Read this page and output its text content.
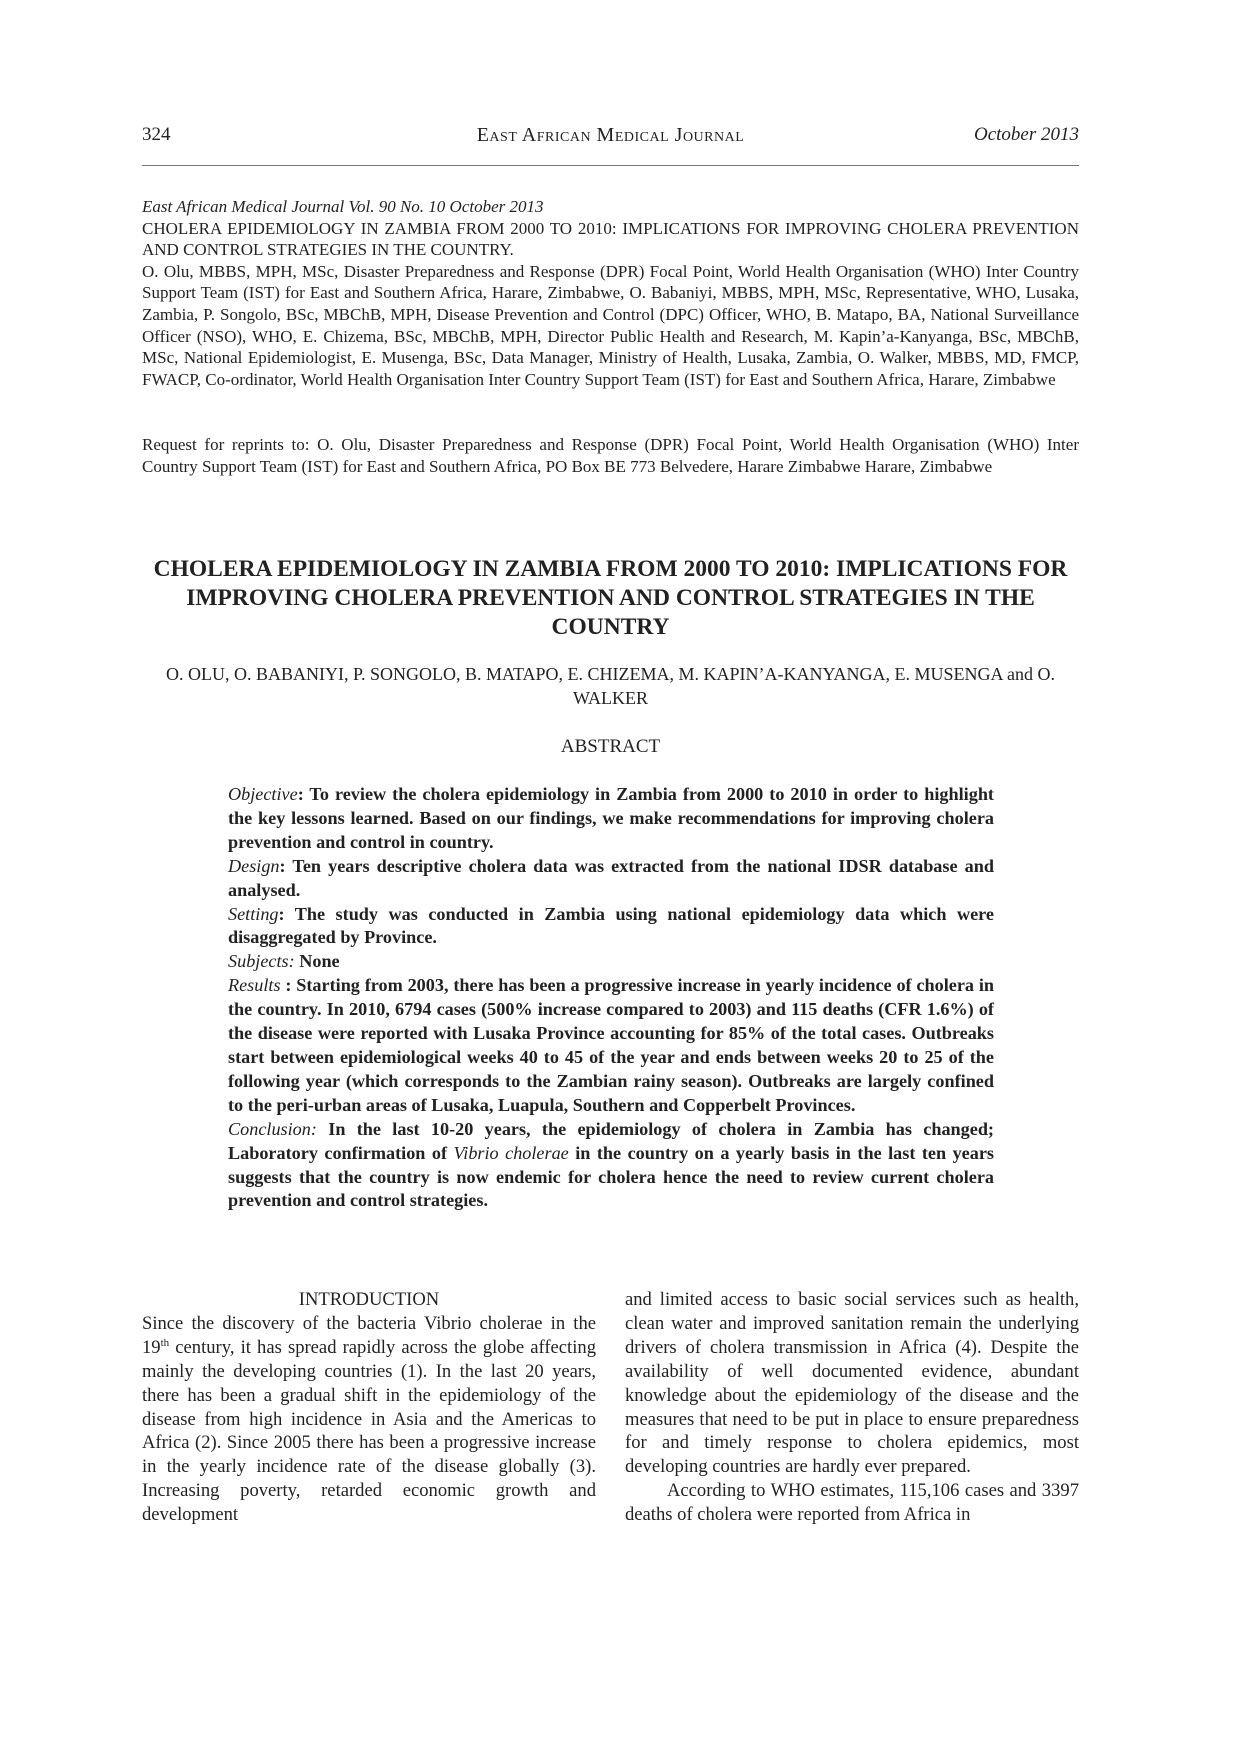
324	East African Medical Journal	October 2013

East African Medical Journal Vol. 90 No. 10 October 2013

CHOLERA EPIDEMIOLOGY IN ZAMBIA FROM 2000 TO 2010: IMPLICATIONS FOR IMPROVING CHOLERA PREVENTION AND CONTROL STRATEGIES IN THE COUNTRY.

O. Olu, MBBS, MPH, MSc, Disaster Preparedness and Response (DPR) Focal Point, World Health Organisation (WHO) Inter Country Support Team (IST) for East and Southern Africa, Harare, Zimbabwe, O. Babaniyi, MBBS, MPH, MSc, Representative, WHO, Lusaka, Zambia, P. Songolo, BSc, MBChB, MPH, Disease Prevention and Control (DPC) Officer, WHO, B. Matapo, BA, National Surveillance Officer (NSO), WHO, E. Chizema, BSc, MBChB, MPH, Director Public Health and Research, M. Kapin’a-Kanyanga, BSc, MBChB, MSc, National Epidemiologist, E. Musenga, BSc, Data Manager, Ministry of Health, Lusaka, Zambia, O. Walker, MBBS, MD, FMCP, FWACP, Co-ordinator, World Health Organisation Inter Country Support Team (IST) for East and Southern Africa, Harare, Zimbabwe

Request for reprints to: O. Olu, Disaster Preparedness and Response (DPR) Focal Point, World Health Organisation (WHO) Inter Country Support Team (IST) for East and Southern Africa, PO Box BE 773 Belvedere, Harare Zimbabwe Harare, Zimbabwe

CHOLERA EPIDEMIOLOGY IN ZAMBIA FROM 2000 TO 2010: IMPLICATIONS FOR IMPROVING CHOLERA PREVENTION AND CONTROL STRATEGIES IN THE COUNTRY
O. OLU, O. BABANIYI, P. SONGOLO, B. MATAPO, E. CHIZEMA, M. KAPIN’A-KANYANGA, E. MUSENGA and O. WALKER
ABSTRACT

Objective: To review the cholera epidemiology in Zambia from 2000 to 2010 in order to highlight the key lessons learned. Based on our findings, we make recommendations for improving cholera prevention and control in country.

Design: Ten years descriptive cholera data was extracted from the national IDSR database and analysed.

Setting: The study was conducted in Zambia using national epidemiology data which were disaggregated by Province.

Subjects: None

Results : Starting from 2003, there has been a progressive increase in yearly incidence of cholera in the country. In 2010, 6794 cases (500% increase compared to 2003) and 115 deaths (CFR 1.6%) of the disease were reported with Lusaka Province accounting for 85% of the total cases. Outbreaks start between epidemiological weeks 40 to 45 of the year and ends between weeks 20 to 25 of the following year (which corresponds to the Zambian rainy season). Outbreaks are largely confined to the peri-urban areas of Lusaka, Luapula, Southern and Copperbelt Provinces.

Conclusion: In the last 10-20 years, the epidemiology of cholera in Zambia has changed; Laboratory confirmation of Vibrio cholerae in the country on a yearly basis in the last ten years suggests that the country is now endemic for cholera hence the need to review current cholera prevention and control strategies.

INTRODUCTION

Since the discovery of the bacteria Vibrio cholerae in the 19th century, it has spread rapidly across the globe affecting mainly the developing countries (1). In the last 20 years, there has been a gradual shift in the epidemiology of the disease from high incidence in Asia and the Americas to Africa (2). Since 2005 there has been a progressive increase in the yearly incidence rate of the disease globally (3). Increasing poverty, retarded economic growth and development

and limited access to basic social services such as health, clean water and improved sanitation remain the underlying drivers of cholera transmission in Africa (4). Despite the availability of well documented evidence, abundant knowledge about the epidemiology of the disease and the measures that need to be put in place to ensure preparedness for and timely response to cholera epidemics, most developing countries are hardly ever prepared.

According to WHO estimates, 115,106 cases and 3397 deaths of cholera were reported from Africa in
